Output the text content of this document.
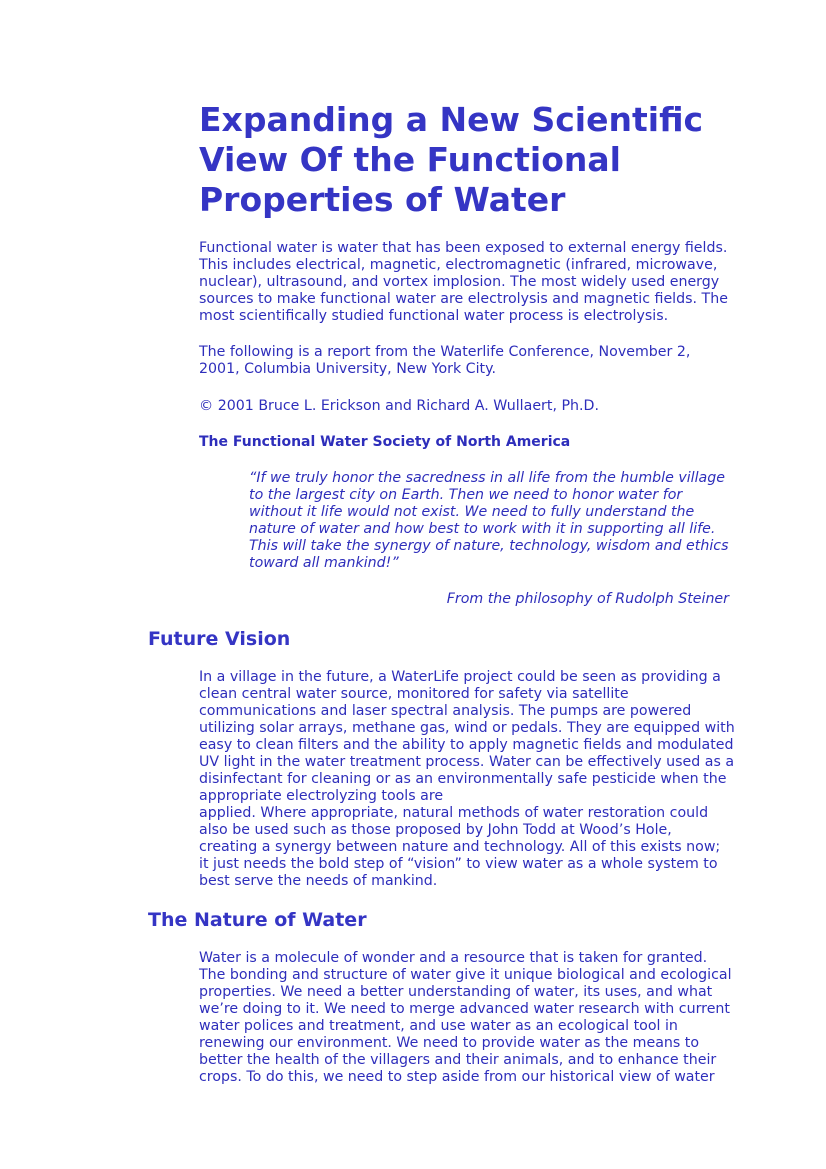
Expanding a New Scientific
View Of the Functional
Properties of Water

Functional water is water that has been exposed to external energy fields.
This includes electrical, magnetic, electromagnetic (infrared, microwave,
nuclear), ultrasound, and vortex implosion. The most widely used energy
sources to make functional water are electrolysis and magnetic fields. The
most scientifically studied functional water process is electrolysis.

The following is a report from the Waterlife Conference, November 2,
2001, Columbia University, New York City.

© 2001 Bruce L. Erickson and Richard A. Wullaert, Ph.D.

The Functional Water Society of North America

“If we truly honor the sacredness in all life from the humble village
to the largest city on Earth. Then we need to honor water for
without it life would not exist. We need to fully understand the
nature of water and how best to work with it in supporting all life.
This will take the synergy of nature, technology, wisdom and ethics
toward all mankind!”

From the philosophy of Rudolph Steiner

Future Vision

In a village in the future, a WaterLife project could be seen as providing a
clean central water source, monitored for safety via satellite
communications and laser spectral analysis. The pumps are powered
utilizing solar arrays, methane gas, wind or pedals. They are equipped with
easy to clean filters and the ability to apply magnetic fields and modulated
UV light in the water treatment process. Water can be effectively used as a
disinfectant for cleaning or as an environmentally safe pesticide when the
appropriate electrolyzing tools are
applied. Where appropriate, natural methods of water restoration could
also be used such as those proposed by John Todd at Wood’s Hole,
creating a synergy between nature and technology. All of this exists now;
it just needs the bold step of “vision” to view water as a whole system to
best serve the needs of mankind.

The Nature of Water

Water is a molecule of wonder and a resource that is taken for granted.
The bonding and structure of water give it unique biological and ecological
properties. We need a better understanding of water, its uses, and what
we’re doing to it. We need to merge advanced water research with current
water polices and treatment, and use water as an ecological tool in
renewing our environment. We need to provide water as the means to
better the health of the villagers and their animals, and to enhance their
crops. To do this, we need to step aside from our historical view of water
